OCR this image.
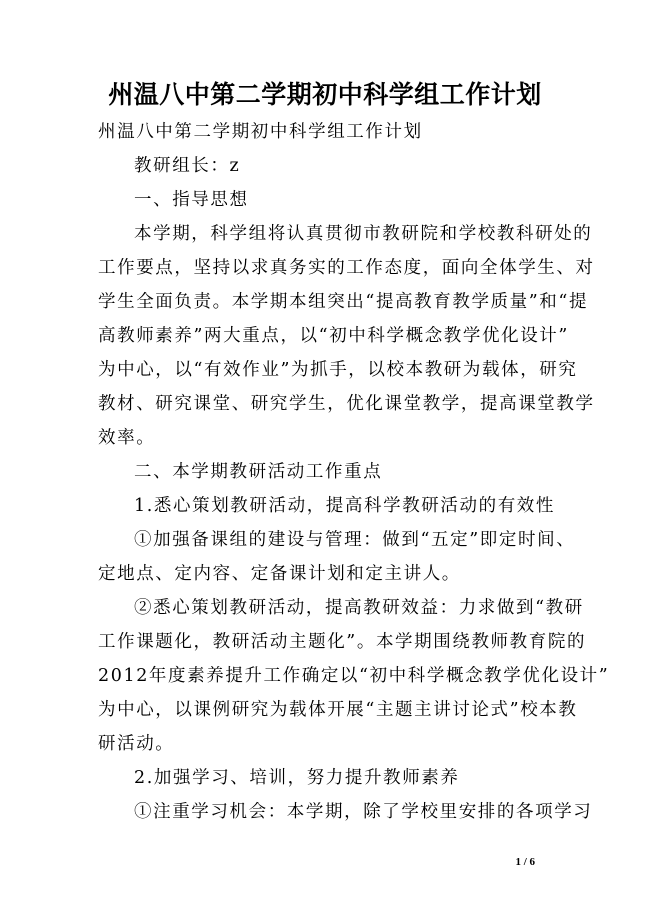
州温八中第二学期初中科学组工作计划
州温八中第二学期初中科学组工作计划
教研组长：z
一、指导思想
本学期，科学组将认真贯彻市教研院和学校教科研处的
工作要点，坚持以求真务实的工作态度，面向全体学生、对
学生全面负责。本学期本组突出“提高教育教学质量”和“提
高教师素养”两大重点，以“初中科学概念教学优化设计”
为中心，以“有效作业”为抓手，以校本教研为载体，研究
教材、研究课堂、研究学生，优化课堂教学，提高课堂教学
效率。
二、本学期教研活动工作重点
1.悉心策划教研活动，提高科学教研活动的有效性
①加强备课组的建设与管理：做到“五定”即定时间、
定地点、定内容、定备课计划和定主讲人。
②悉心策划教研活动，提高教研效益：力求做到“教研
工作课题化，教研活动主题化”。本学期围绕教师教育院的
2012年度素养提升工作确定以“初中科学概念教学优化设计”
为中心，以课例研究为载体开展“主题主讲讨论式”校本教
研活动。
2.加强学习、培训，努力提升教师素养
①注重学习机会：本学期，除了学校里安排的各项学习
1 / 6
